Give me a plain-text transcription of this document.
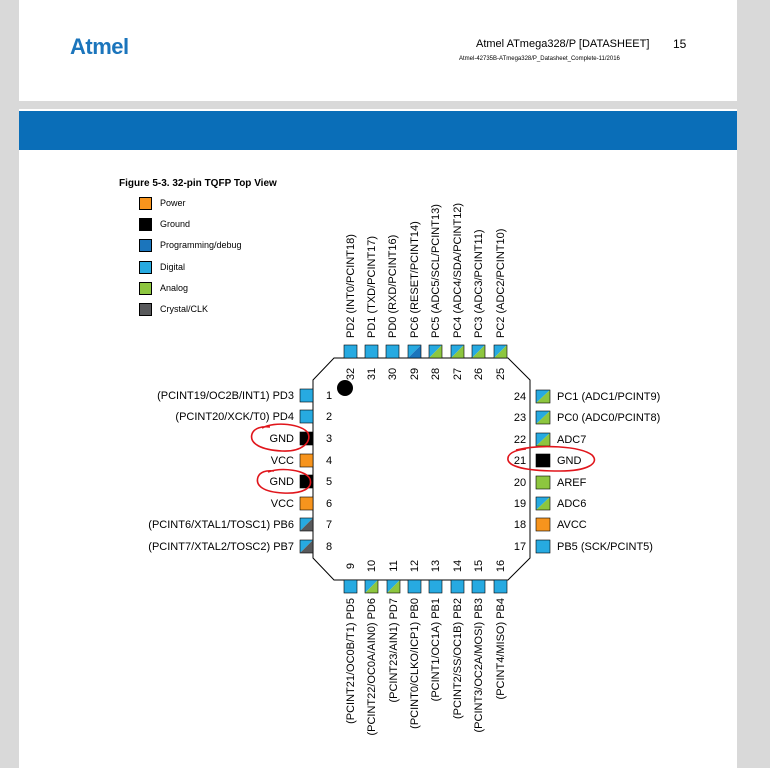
Atmel	Atmel ATmega328/P [DATASHEET] 15
Atmel-42735B-ATmega328/P_Datasheet_Complete-11/2016
Figure 5-3. 32-pin TQFP Top View
Power
Ground
Programming/debug
Digital
Analog
Crystal/CLK
1
(PCINT19/OC2B/INT1) PD3
2
(PCINT20/XCK/T0) PD4
3
GND
4
VCC
5
GND
6
VCC
7
(PCINT6/XTAL1/TOSC1) PB6
8
(PCINT7/XTAL2/TOSC2) PB7
24	PC1 (ADC1/PCINT9)
23	PC0 (ADC0/PCINT8)
22	ADC7
21	GND
20	AREF
19	ADC6
18	AVCC
17	PB5 (SCK/PCINT5)
32
PD2 (INT0/PCINT18)
31
PD1 (TXD/PCINT17)
30
PD0 (RXD/PCINT16)
29
PC6 (RESET/PCINT14)
28
PC5 (ADC5/SCL/PCINT13)
27
PC4 (ADC4/SDA/PCINT12)
26
PC3 (ADC3/PCINT11)
25
PC2 (ADC2/PCINT10)
9
(PCINT21/OC0B/T1) PD5
10
(PCINT22/OC0A/AIN0) PD6
11
(PCINT23/AIN1) PD7
12
(PCINT0/CLKO/ICP1) PB0
13
(PCINT1/OC1A) PB1
14
(PCINT2/SS/OC1B) PB2
15
(PCINT3/OC2A/MOSI) PB3
16
(PCINT4/MISO) PB4
